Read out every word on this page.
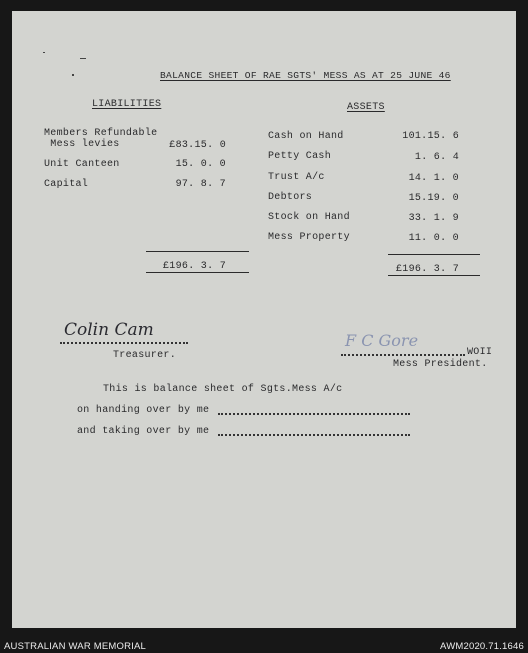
BALANCE SHEET OF RAE SGTS' MESS AS AT 25 JUNE 46
LIABILITIES	ASSETS
Members Refundable
Mess levies	£83.15. 0
Unit Canteen	15. 0. 0
Capital	97. 8. 7
£196. 3. 7
Cash on Hand	101.15. 6
Petty Cash	1. 6. 4
Trust A/c	14. 1. 0
Debtors	15.19. 0
Stock on Hand	33. 1. 9
Mess Property	11. 0. 0
£196. 3. 7
Colin Cam
Treasurer.
F C Gore
WOII
Mess President.
This is balance sheet of Sgts.Mess A/c
on handing over by me
and taking over by me
AUSTRALIAN WAR MEMORIAL	AWM2020.71.1646
